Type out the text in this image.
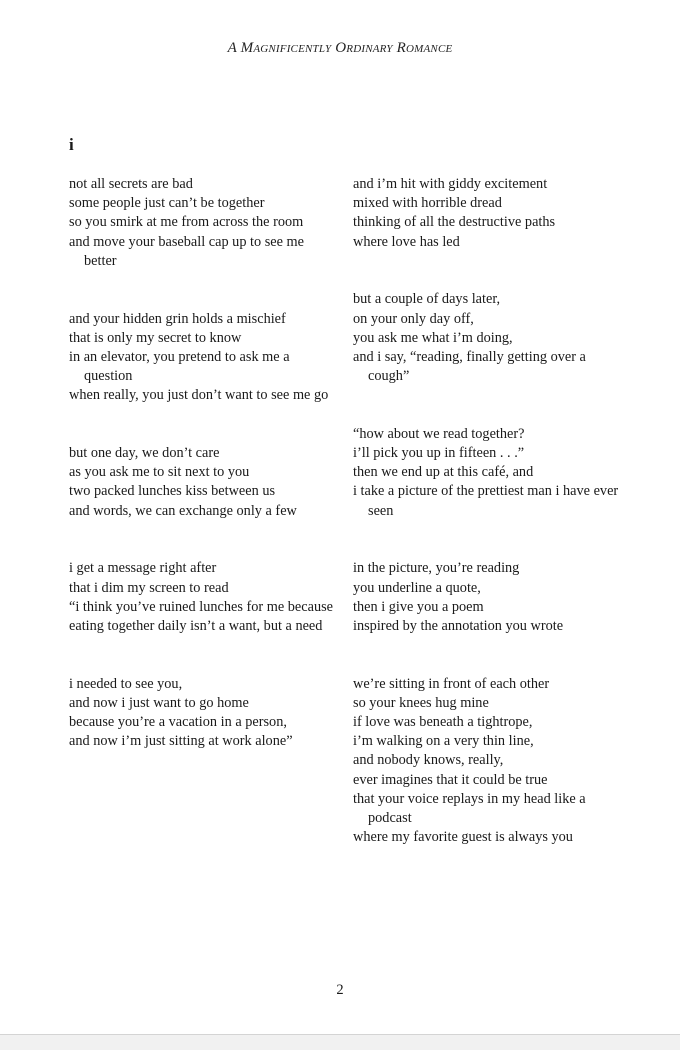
A Magnificently Ordinary Romance
i
not all secrets are bad
some people just can’t be together
so you smirk at me from across the room
and move your baseball cap up to see me better
and your hidden grin holds a mischief
that is only my secret to know
in an elevator, you pretend to ask me a question
when really, you just don’t want to see me go
but one day, we don’t care
as you ask me to sit next to you
two packed lunches kiss between us
and words, we can exchange only a few
i get a message right after
that i dim my screen to read
“i think you’ve ruined lunches for me because
eating together daily isn’t a want, but a need
i needed to see you,
and now i just want to go home
because you’re a vacation in a person,
and now i’m just sitting at work alone”
and i’m hit with giddy excitement
mixed with horrible dread
thinking of all the destructive paths
where love has led
but a couple of days later,
on your only day off,
you ask me what i’m doing,
and i say, “reading, finally getting over a cough”
“how about we read together?
i’ll pick you up in fifteen . . .”
then we end up at this café, and
i take a picture of the prettiest man i have ever seen
in the picture, you’re reading
you underline a quote,
then i give you a poem
inspired by the annotation you wrote
we’re sitting in front of each other
so your knees hug mine
if love was beneath a tightrope,
i’m walking on a very thin line,
and nobody knows, really,
ever imagines that it could be true
that your voice replays in my head like a podcast
where my favorite guest is always you
2
